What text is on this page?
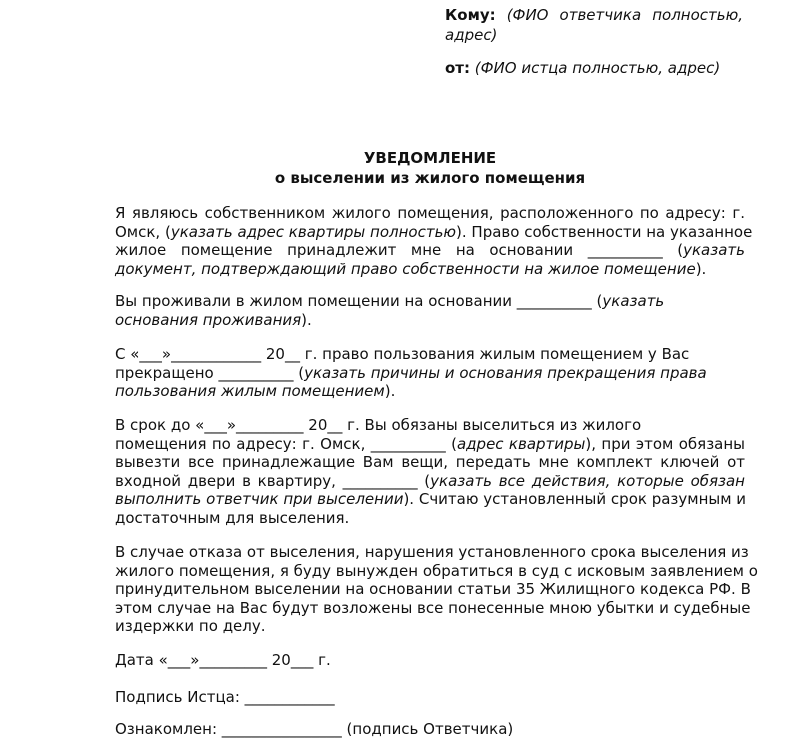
Кому: (ФИО ответчика полностью,
адрес)
от: (ФИО истца полностью, адрес)
УВЕДОМЛЕНИЕ
о выселении из жилого помещения
Я являюсь собственником жилого помещения, расположенного по адресу: г.
Омск, (указать адрес квартиры полностью). Право собственности на указанное
жилое помещение принадлежит мне на основании __________ (указать
документ, подтверждающий право собственности на жилое помещение).
Вы проживали в жилом помещении на основании __________ (указать
основания проживания).
С «___»____________ 20__ г. право пользования жилым помещением у Вас
прекращено __________ (указать причины и основания прекращения права
пользования жилым помещением).
В срок до «___»_________ 20__ г. Вы обязаны выселиться из жилого
помещения по адресу: г. Омск, __________ (адрес квартиры), при этом обязаны
вывезти все принадлежащие Вам вещи, передать мне комплект ключей от
входной двери в квартиру, __________ (указать все действия, которые обязан
выполнить ответчик при выселении). Считаю установленный срок разумным и
достаточным для выселения.
В случае отказа от выселения, нарушения установленного срока выселения из
жилого помещения, я буду вынужден обратиться в суд с исковым заявлением о
принудительном выселении на основании статьи 35 Жилищного кодекса РФ. В
этом случае на Вас будут возложены все понесенные мною убытки и судебные
издержки по делу.
Дата «___»_________ 20___ г.
Подпись Истца: ____________
Ознакомлен: ________________ (подпись Ответчика)
